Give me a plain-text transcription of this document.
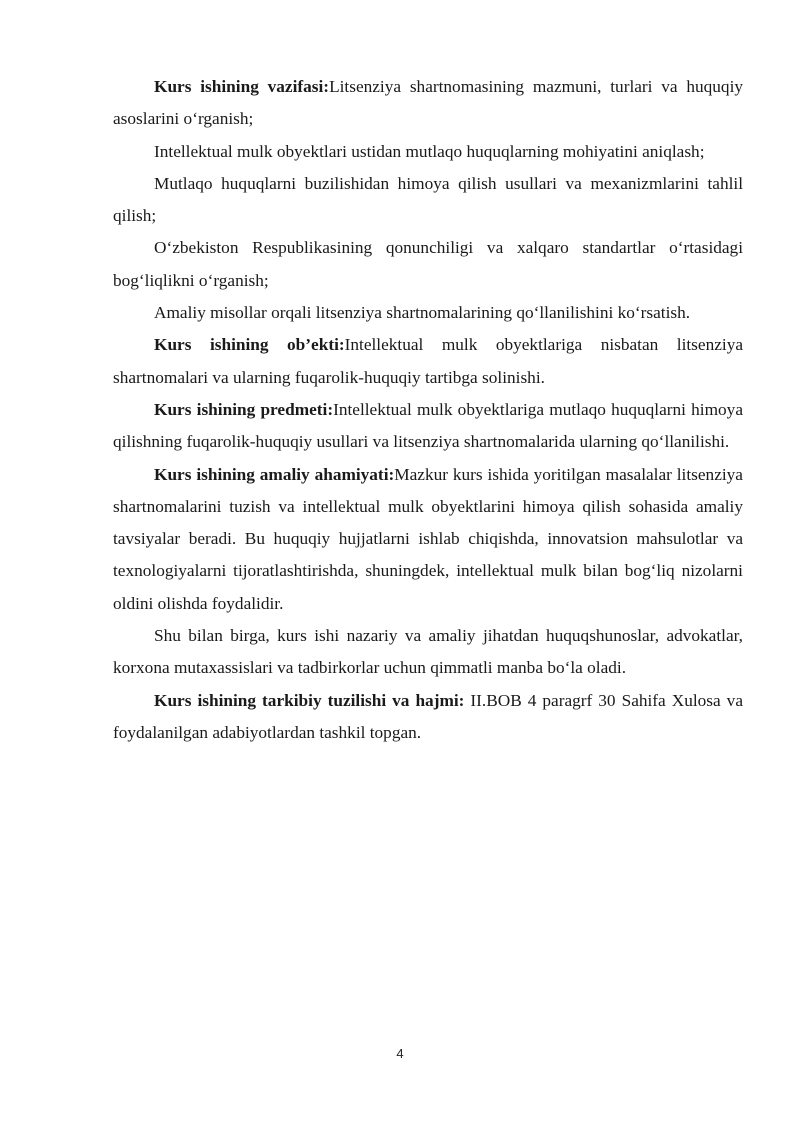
Kurs ishining vazifasi:Litsenziya shartnomasining mazmuni, turlari va huquqiy asoslarini o‘rganish;

Intellektual mulk obyektlari ustidan mutlaqo huquqlarning mohiyatini aniqlash;

Mutlaqo huquqlarni buzilishidan himoya qilish usullari va mexanizmlarini tahlil qilish;

O‘zbekiston Respublikasining qonunchiligi va xalqaro standartlar o‘rtasidagi bog‘liqlikni o‘rganish;

Amaliy misollar orqali litsenziya shartnomalarining qo‘llanilishini ko‘rsatish.

Kurs ishining ob’ekti:Intellektual mulk obyektlariga nisbatan litsenziya shartnomalari va ularning fuqarolik-huquqiy tartibga solinishi.

Kurs ishining predmeti:Intellektual mulk obyektlariga mutlaqo huquqlarni himoya qilishning fuqarolik-huquqiy usullari va litsenziya shartnomalarida ularning qo‘llanilishi.

Kurs ishining amaliy ahamiyati:Mazkur kurs ishida yoritilgan masalalar litsenziya shartnomalarini tuzish va intellektual mulk obyektlarini himoya qilish sohasida amaliy tavsiyalar beradi. Bu huquqiy hujjatlarni ishlab chiqishda, innovatsion mahsulotlar va texnologiyalarni tijoratlashtirishda, shuningdek, intellektual mulk bilan bog‘liq nizolarni oldini olishda foydalidir.

Shu bilan birga, kurs ishi nazariy va amaliy jihatdan huquqshunoslar, advokatlar, korxona mutaxassislari va tadbirkorlar uchun qimmatli manba bo‘la oladi.

Kurs ishining tarkibiy tuzilishi va hajmi: II.BOB 4 paragrf 30 Sahifa Xulosa va foydalanilgan adabiyotlardan tashkil topgan.

4
